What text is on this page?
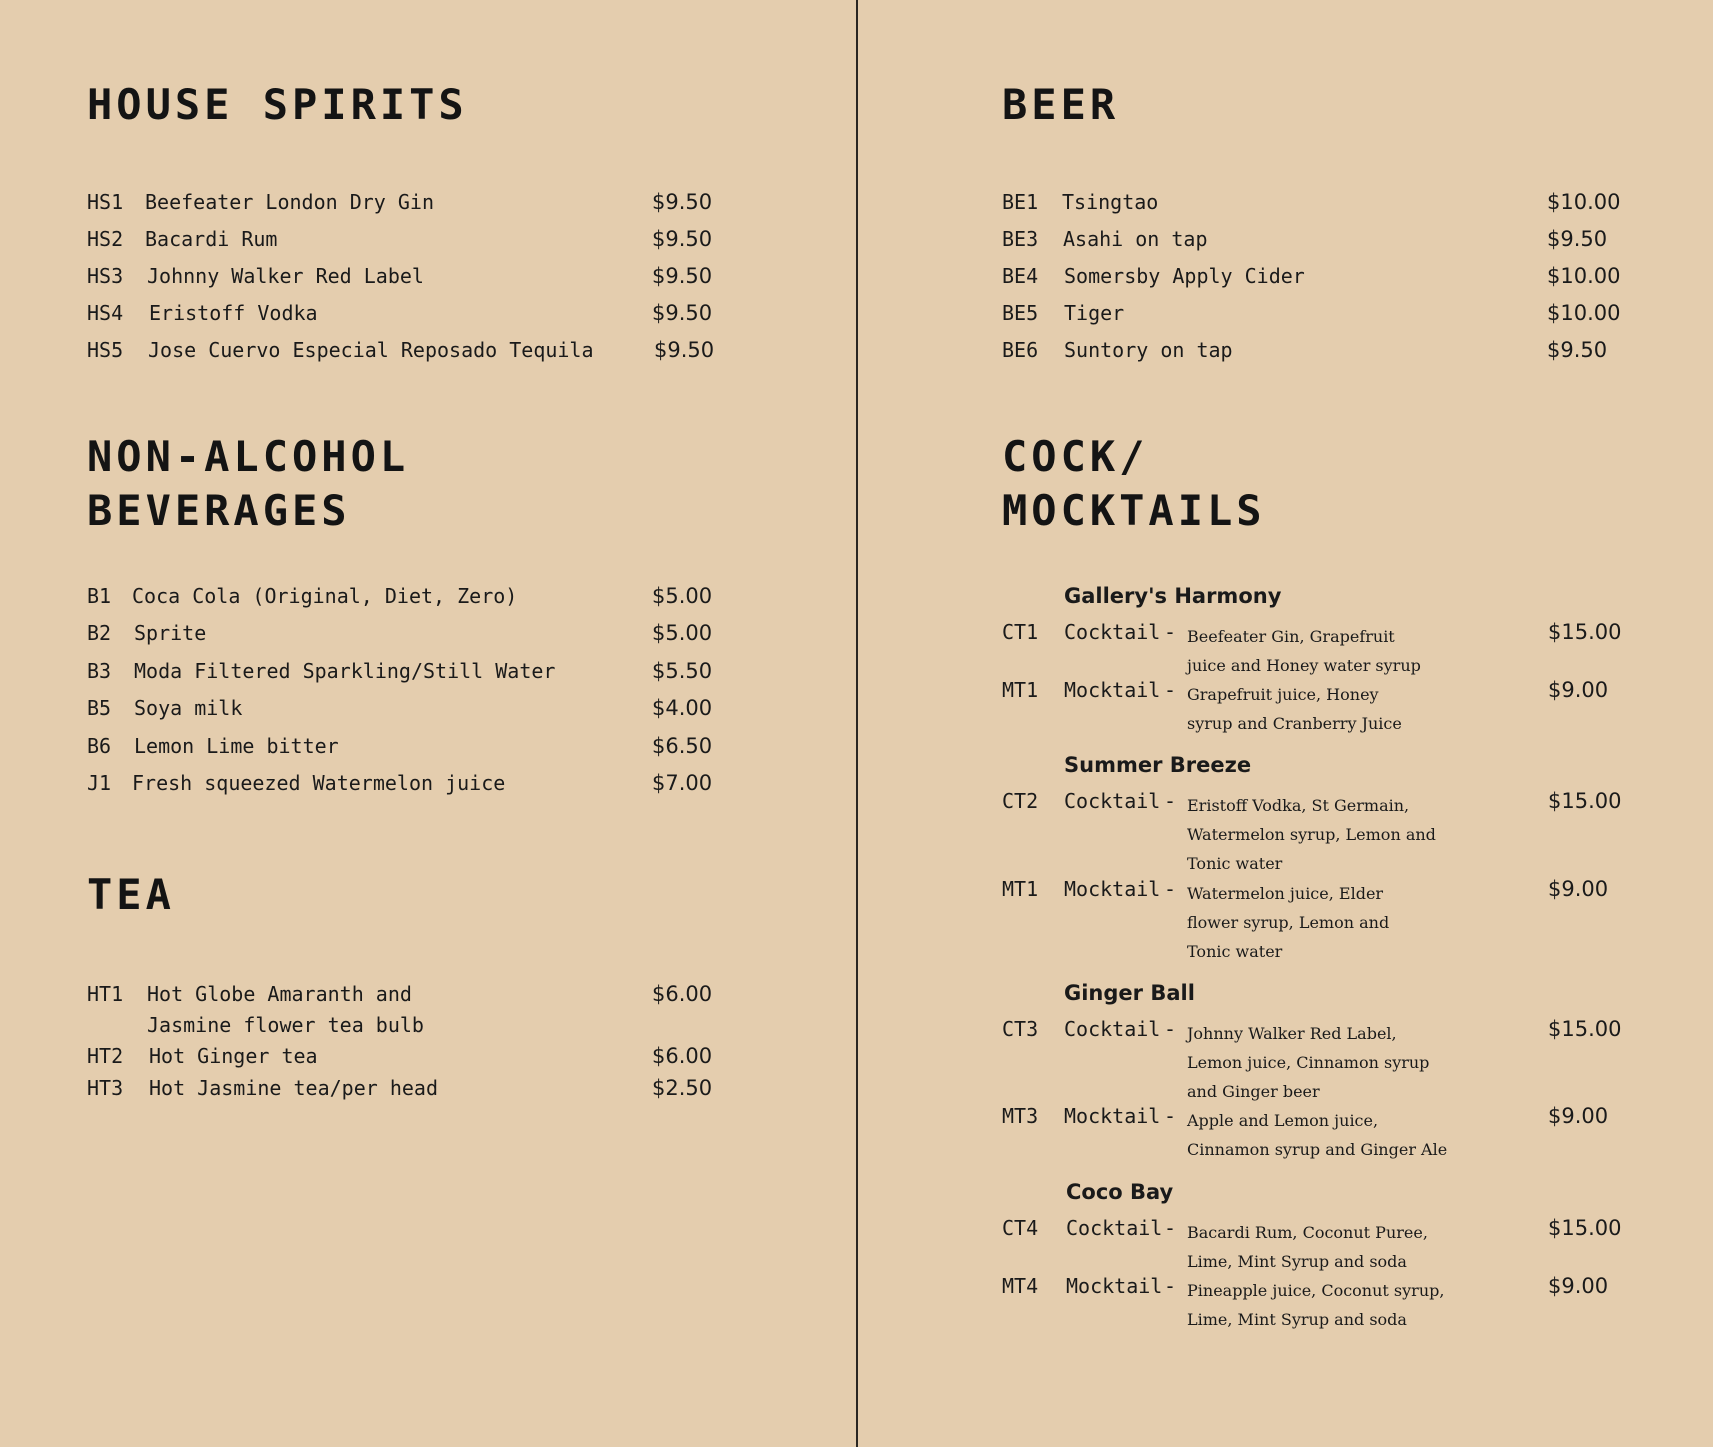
HOUSE SPIRITS
HS1 Beefeater London Dry Gin	$9.50
HS2 Bacardi Rum	$9.50
HS3 Johnny Walker Red Label	$9.50
HS4 Eristoff Vodka	$9.50
HS5 Jose Cuervo Especial Reposado Tequila	$9.50
NON-ALCOHOL
BEVERAGES
B1 Coca Cola (Original, Diet, Zero)	$5.00
B2 Sprite	$5.00
B3 Moda Filtered Sparkling/Still Water	$5.50
B5 Soya milk	$4.00
B6 Lemon Lime bitter	$6.50
J1 Fresh squeezed Watermelon juice	$7.00
TEA
HT1 Hot Globe Amaranth and
Jasmine flower tea bulb
$6.00
HT2 Hot Ginger tea	$6.00
HT3 Hot Jasmine tea/per head	$2.50
BEER
BE1 Tsingtao	$10.00
BE3 Asahi on tap	$9.50
BE4 Somersby Apply Cider	$10.00
BE5 Tiger	$10.00
BE6 Suntory on tap	$9.50
COCK/
MOCKTAILS
Gallery's Harmony
CT1 Cocktail - Beefeater Gin, Grapefruit
juice and Honey water syrup
$15.00
MT1 Mocktail - Grapefruit juice, Honey
syrup and Cranberry Juice
$9.00
Summer Breeze
CT2 Cocktail - Eristoff Vodka, St Germain,
Watermelon syrup, Lemon and
Tonic water
$15.00
MT1 Mocktail - Watermelon juice, Elder
flower syrup, Lemon and
Tonic water
$9.00
Ginger Ball
CT3 Cocktail - Johnny Walker Red Label,
Lemon juice, Cinnamon syrup
and Ginger beer
$15.00
MT3 Mocktail - Apple and Lemon juice,
Cinnamon syrup and Ginger Ale
$9.00
Coco Bay
CT4 Cocktail - Bacardi Rum, Coconut Puree,
Lime, Mint Syrup and soda
$15.00
MT4 Mocktail - Pineapple juice, Coconut syrup,
Lime, Mint Syrup and soda
$9.00
